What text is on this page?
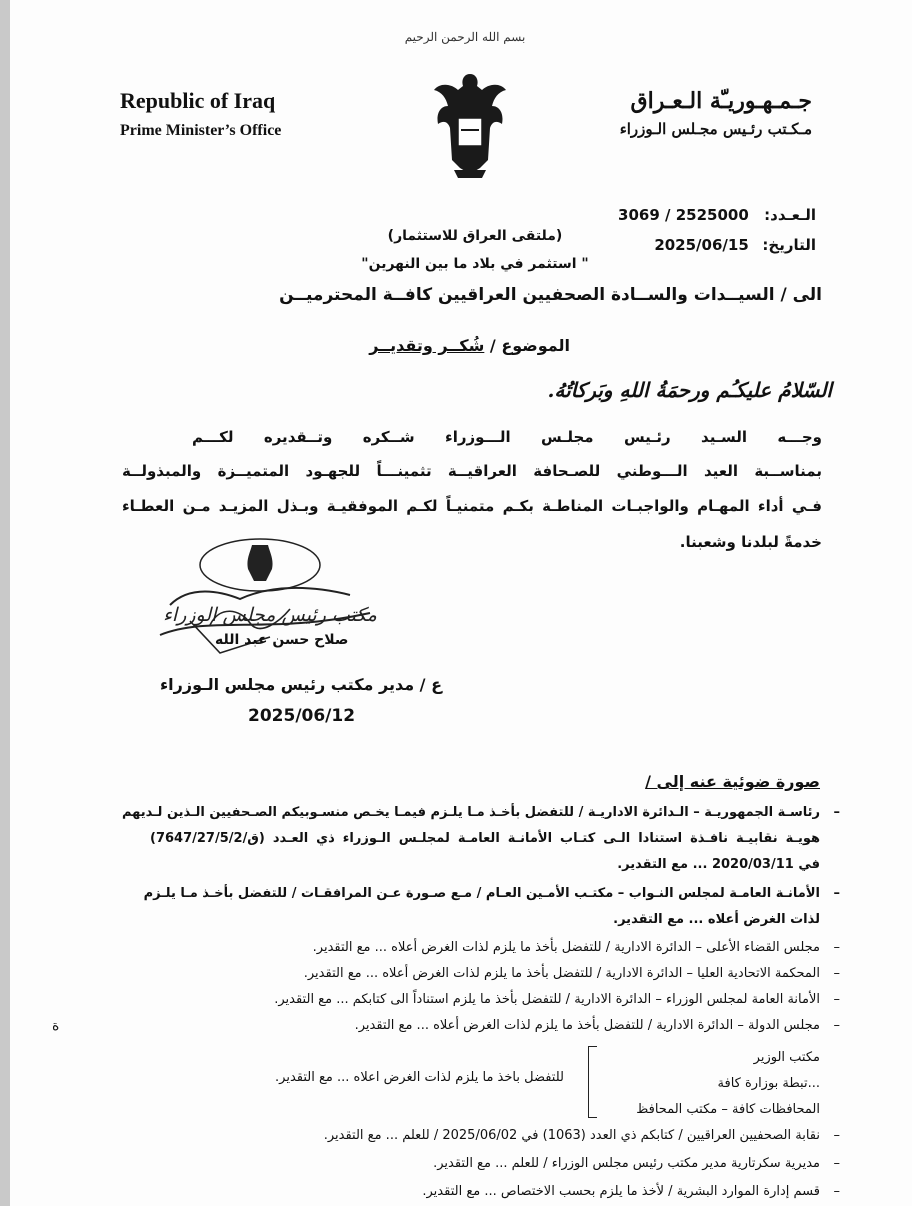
بسم الله الرحمن الرحيم
Republic of Iraq
Prime Minister’s Office
جـمـهـوريـّة الـعـراق
مـكـتب رئـيس مجـلس الـوزراء
الـعـدد: 3069 / 2525000
التاريخ: 2025/06/15
(ملتقى العراق للاستثمار)
" استثمر في بلاد ما بين النهرين"
الى / السيــدات والســادة الصحفيين العراقيين كافــة المحترميــن
الموضوع / شُكــر وتقديــر
السّلامُ عليكـُم ورحمَةُ اللهِ وبَركاتُهُ.
وجـــه السـيد رئـيس مجلـس الـــوزراء شــكره وتــقديره لكـــم
بمناســبة العيد الـــوطني للصـحافة العراقيــة تثمينـــاً للجهـود المتميــزة والمبذولــة
فـي أداء المهـام والواجبـات المناطـة بكـم متمنيـاً لكـم الموفقيـة وبـذل المزيـد مـن العطـاء
خدمةً لبلدنا وشعبنا.
مكتب رئيس مجلس الوزراء
صلاح حسن عبد الله
ع / مدير مكتب رئيس مجلس الـوزراء
2025/06/12
صورة ضوئية عنه إلى /
–
رئاسـة الجمهوريـة – الـدائرة الاداريـة / للتفضل بأخـذ مـا يلـزم فيمـا يخـص منسـوبيكم الصـحفيين الـذين لـديهم
هويـة نقابيـة نافـذة استنادا الـى كتـاب الأمانـة العامـة لمجلـس الـوزراء ذي العـدد (ق/7647/27/5/2)
في 2020/03/11 ... مع التقدير.
–
الأمانـة العامـة لمجلس النـواب – مكتـب الأمـين العـام / مـع صـورة عـن المرافقـات / للتفضل بأخـذ مـا يلـزم
لذات الغرض أعلاه ... مع التقدير.
–
مجلس القضاء الأعلى – الدائرة الادارية / للتفضل بأخذ ما يلزم لذات الغرض أعلاه ... مع التقدير.
–
المحكمة الاتحادية العليا – الدائرة الادارية / للتفضل بأخذ ما يلزم لذات الغرض أعلاه ... مع التقدير.
–
الأمانة العامة لمجلس الوزراء – الدائرة الادارية / للتفضل بأخذ ما يلزم استناداً الى كتابكم ... مع التقدير.
–
مجلس الدولة – الدائرة الادارية / للتفضل بأخذ ما يلزم لذات الغرض أعلاه ... مع التقدير.
مكتب الوزير
...تبطة بوزارة كافة
المحافظات كافة – مكتب المحافظ
للتفضل باخذ ما يلزم لذات الغرض اعلاه ... مع التقدير.
–
نقابة الصحفيين العراقيين / كتابكم ذي العدد (1063) في 2025/06/02 / للعلم ... مع التقدير.
–
مديرية سكرتارية مدير مكتب رئيس مجلس الوزراء / للعلم ... مع التقدير.
–
قسم إدارة الموارد البشرية / لأخذ ما يلزم بحسب الاختصاص ... مع التقدير.
ة
